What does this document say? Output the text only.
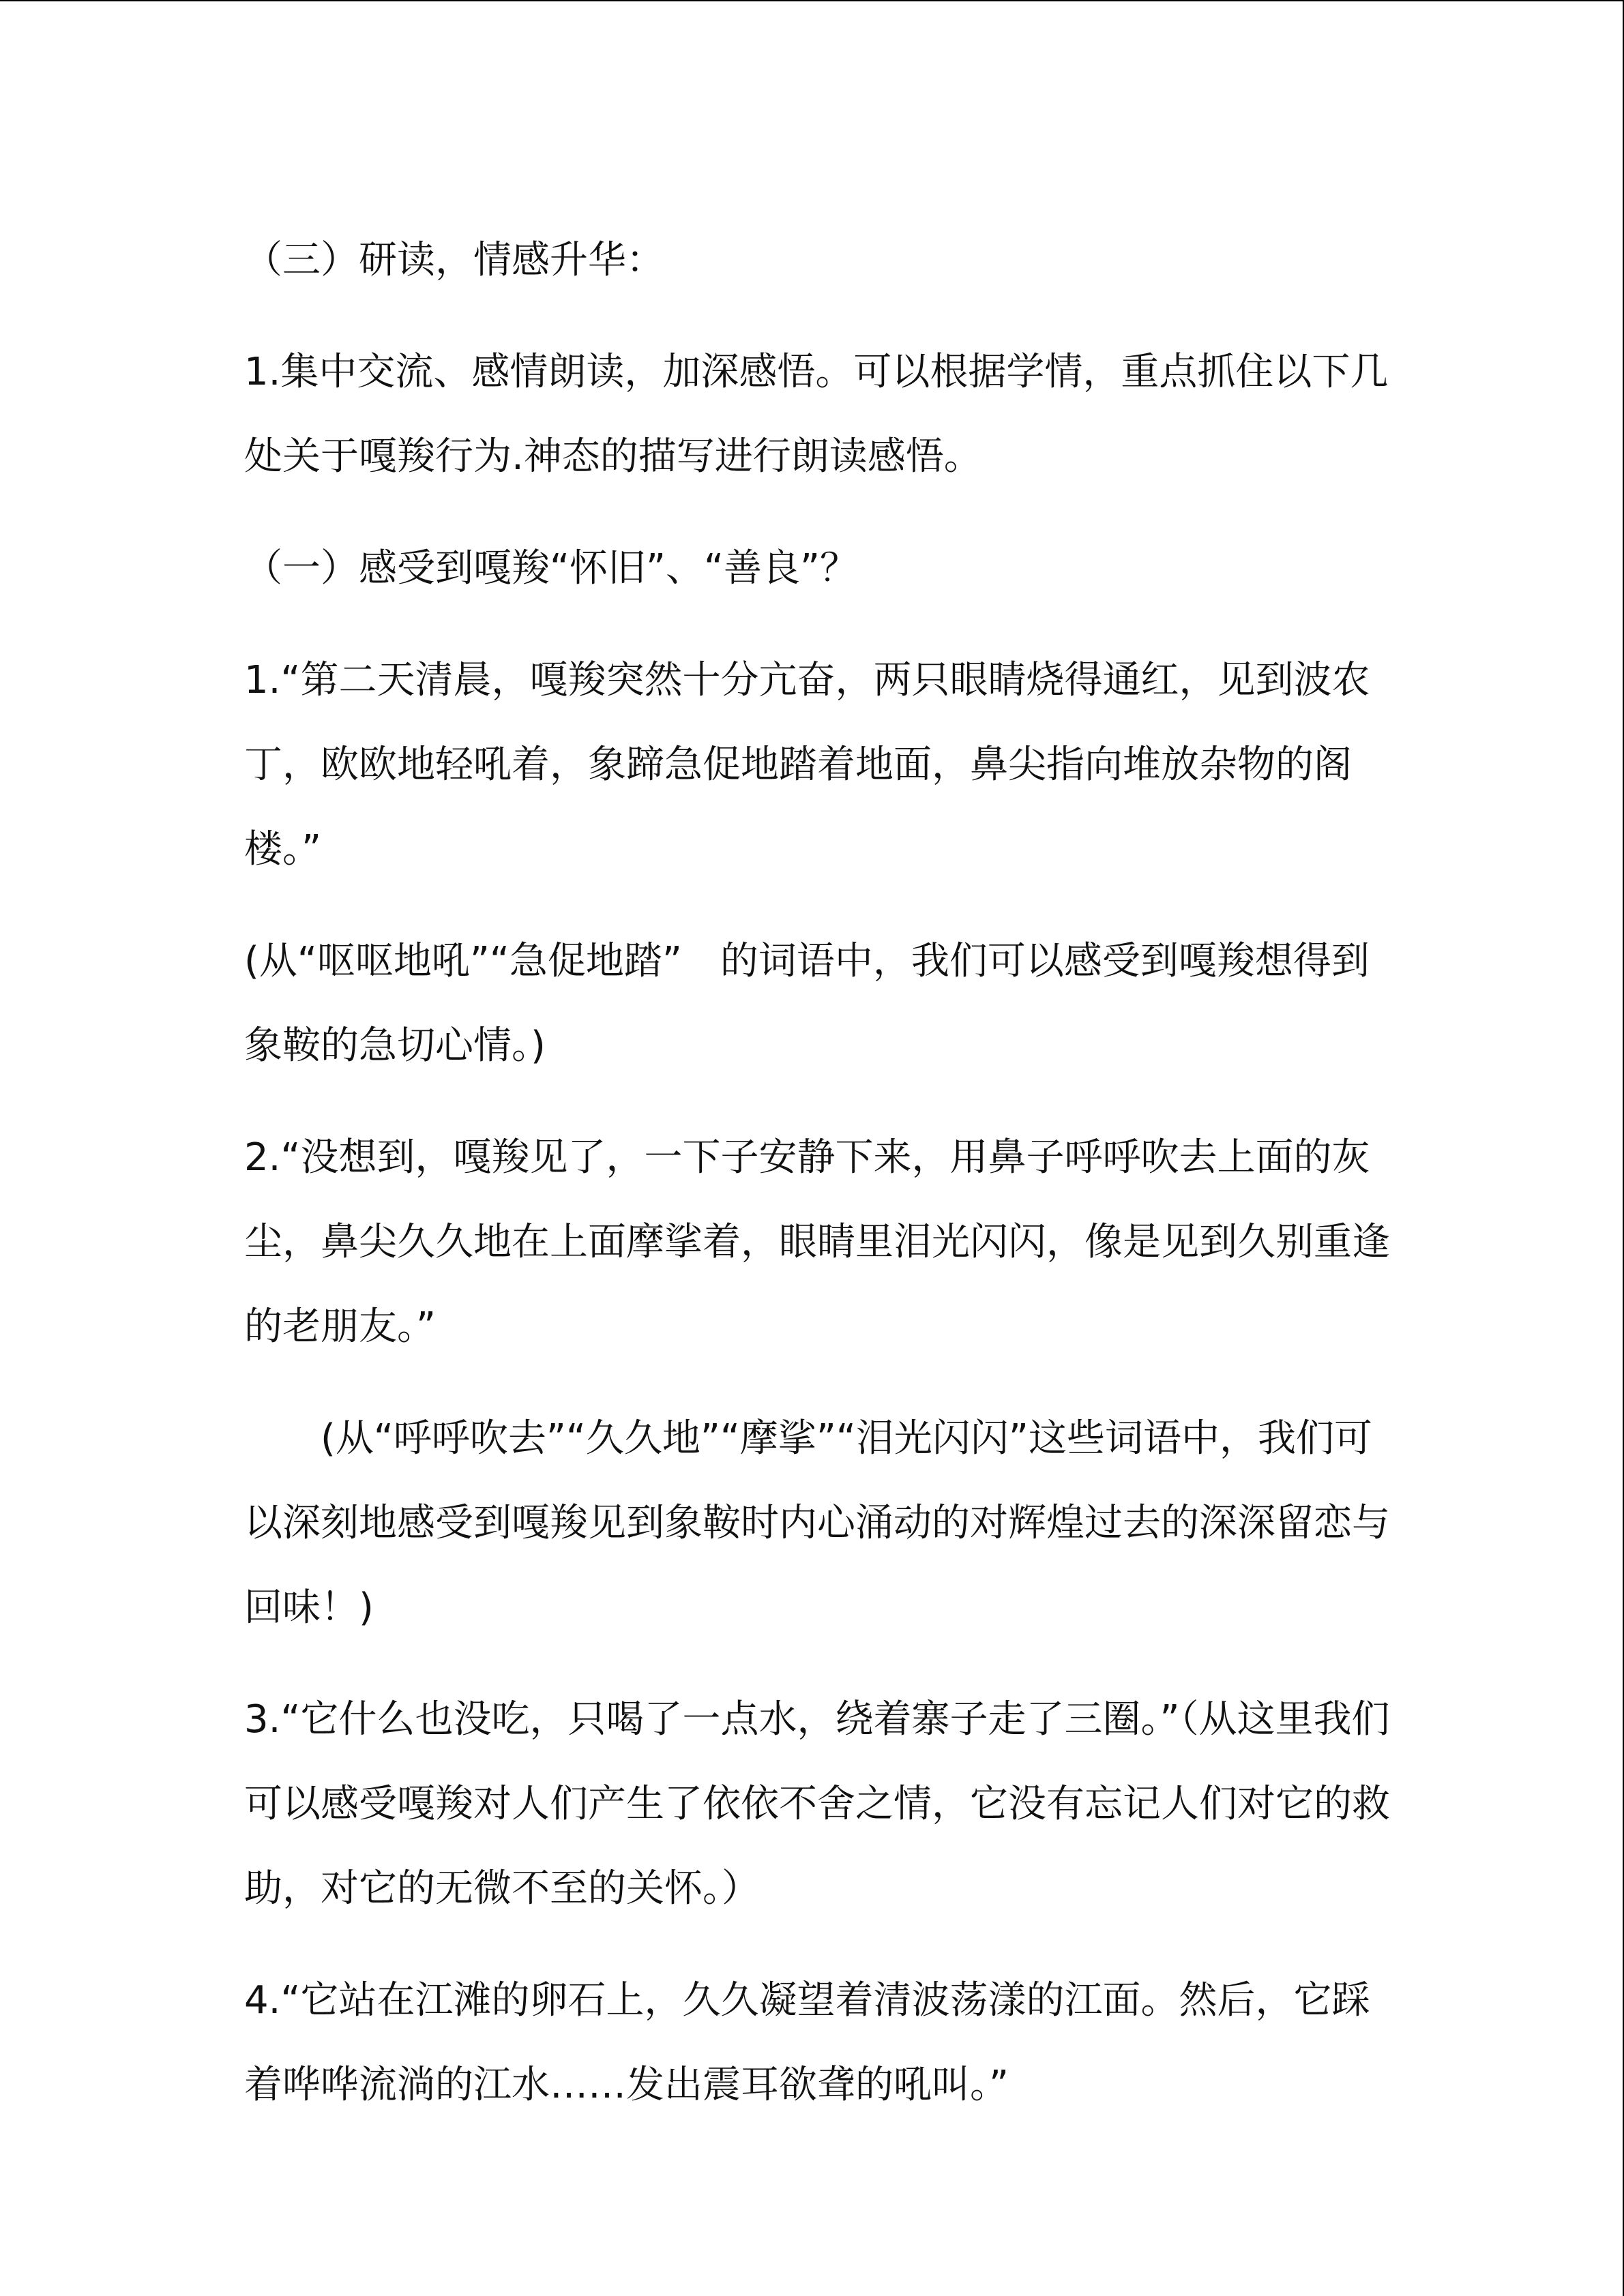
（三）研读，情感升华：

1.集中交流、感情朗读，加深感悟。可以根据学情，重点抓住以下几处关于嘎羧行为.神态的描写进行朗读感悟。

（一）感受到嘎羧“怀旧”、“善良”？

1.“第二天清晨，嘎羧突然十分亢奋，两只眼睛烧得通红，见到波农丁，欧欧地轻吼着，象蹄急促地踏着地面，鼻尖指向堆放杂物的阁楼。”

(从“呕呕地吼”“急促地踏”　的词语中，我们可以感受到嘎羧想得到象鞍的急切心情。)

2.“没想到，嘎羧见了，一下子安静下来，用鼻子呼呼吹去上面的灰尘，鼻尖久久地在上面摩挲着，眼睛里泪光闪闪，像是见到久别重逢的老朋友。”

(从“呼呼吹去”“久久地”“摩挲”“泪光闪闪”这些词语中，我们可以深刻地感受到嘎羧见到象鞍时内心涌动的对辉煌过去的深深留恋与回味！)

3.“它什么也没吃，只喝了一点水，绕着寨子走了三圈。”（从这里我们可以感受嘎羧对人们产生了依依不舍之情，它没有忘记人们对它的救助，对它的无微不至的关怀。）

4.“它站在江滩的卵石上，久久凝望着清波荡漾的江面。然后，它踩着哗哗流淌的江水……发出震耳欲聋的吼叫。”
